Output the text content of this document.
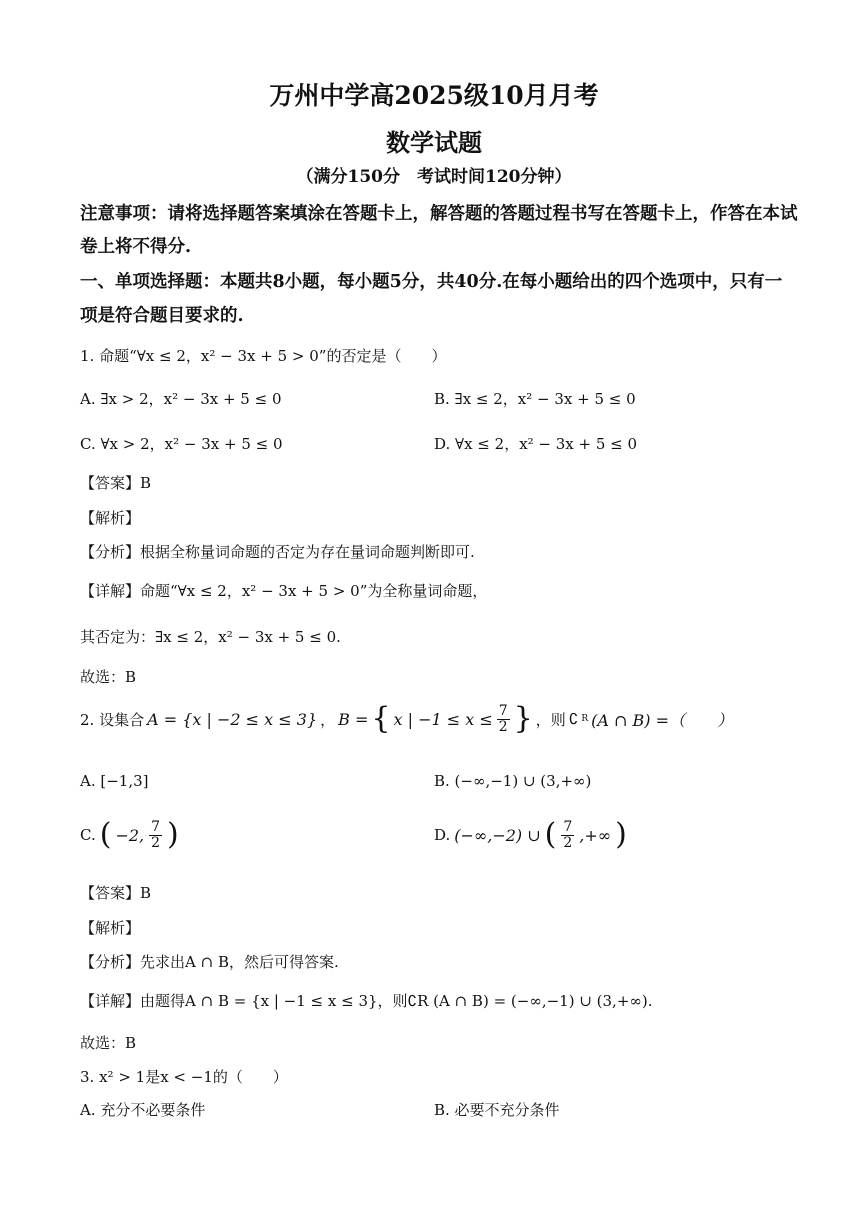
万州中学高2025级10月月考
数学试题
（满分150分　考试时间120分钟）
注意事项：请将选择题答案填涂在答题卡上，解答题的答题过程书写在答题卡上，作答在本试
卷上将不得分.
一、单项选择题：本题共8小题，每小题5分，共40分.在每小题给出的四个选项中，只有一
项是符合题目要求的.
1. 命题“∀x ≤ 2，x² − 3x + 5 > 0”的否定是（　　）
A. ∃x > 2，x² − 3x + 5 ≤ 0	B. ∃x ≤ 2，x² − 3x + 5 ≤ 0
C. ∀x > 2，x² − 3x + 5 ≤ 0	D. ∀x ≤ 2，x² − 3x + 5 ≤ 0
【答案】B
【解析】
【分析】根据全称量词命题的否定为存在量词命题判断即可.
【详解】命题“∀x ≤ 2，x² − 3x + 5 > 0”为全称量词命题，
其否定为：∃x ≤ 2，x² − 3x + 5 ≤ 0.
故选：B
2. 设集合 A = {x | −2 ≤ x ≤ 3} ， B = { x | $-1 \le x \le \frac{7}{2}$ } ，则 ∁ R (A ∩ B) =（　　）
A. [−1,3]	B. (−∞,−1) ∪ (3,+∞)
C. ( −2, $\frac{7}{2}$ )	D. (−∞,−2) ∪ ( $\frac{7}{2}$ ,+∞ )
【答案】B
【解析】
【分析】先求出A ∩ B，然后可得答案.
【详解】由题得A ∩ B = {x | −1 ≤ x ≤ 3}，则∁R (A ∩ B) = (−∞,−1) ∪ (3,+∞).
故选：B
3. x² > 1是x < −1的（　　）
A. 充分不必要条件	B. 必要不充分条件
